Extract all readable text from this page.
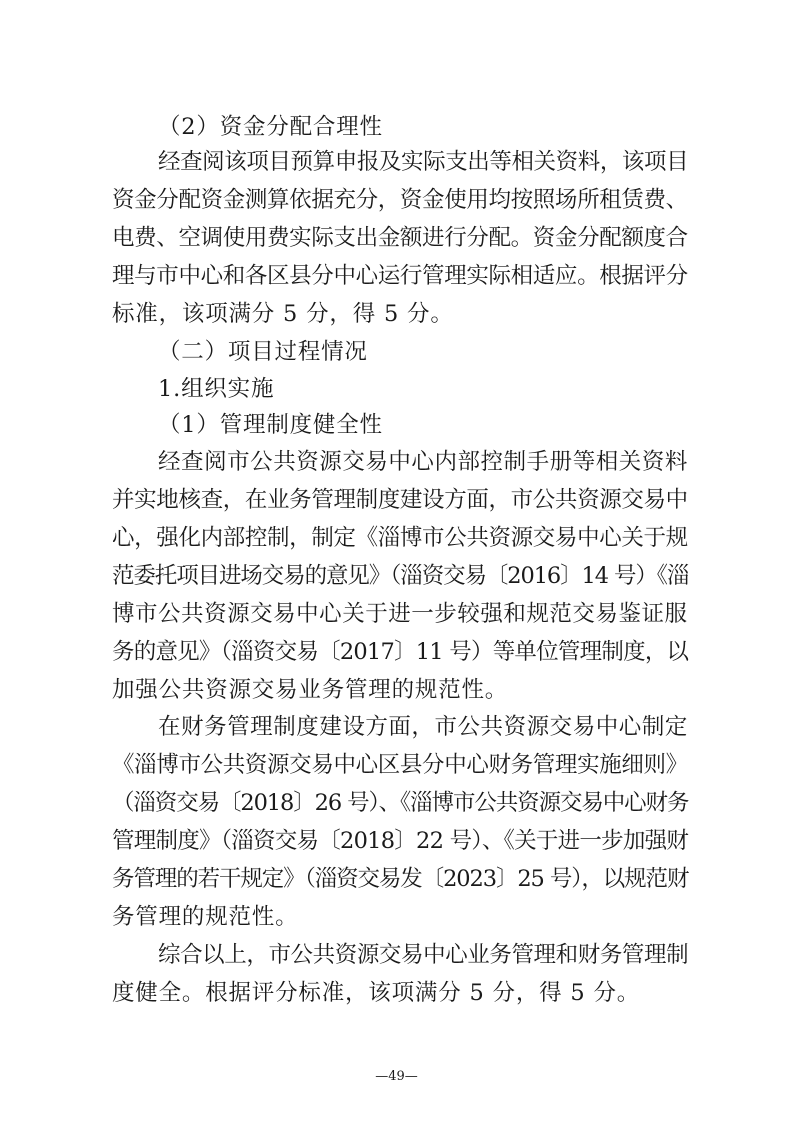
（2）资金分配合理性
经查阅该项目预算申报及实际支出等相关资料，该项目
资金分配资金测算依据充分，资金使用均按照场所租赁费、
电费、空调使用费实际支出金额进行分配。资金分配额度合
理与市中心和各区县分中心运行管理实际相适应。根据评分
标准，该项满分 5 分，得 5 分。
（二）项目过程情况
1.组织实施
（1）管理制度健全性
经查阅市公共资源交易中心内部控制手册等相关资料
并实地核查，在业务管理制度建设方面，市公共资源交易中
心，强化内部控制，制定《淄博市公共资源交易中心关于规
范委托项目进场交易的意见》（淄资交易〔2016〕14 号）《淄
博市公共资源交易中心关于进一步较强和规范交易鉴证服
务的意见》（淄资交易〔2017〕11 号）等单位管理制度，以
加强公共资源交易业务管理的规范性。
在财务管理制度建设方面，市公共资源交易中心制定
《淄博市公共资源交易中心区县分中心财务管理实施细则》
（淄资交易〔2018〕26 号）、《淄博市公共资源交易中心财务
管理制度》（淄资交易〔2018〕22 号）、《关于进一步加强财
务管理的若干规定》（淄资交易发〔2023〕25 号），以规范财
务管理的规范性。
综合以上，市公共资源交易中心业务管理和财务管理制
度健全。根据评分标准，该项满分 5 分，得 5 分。
—49—
